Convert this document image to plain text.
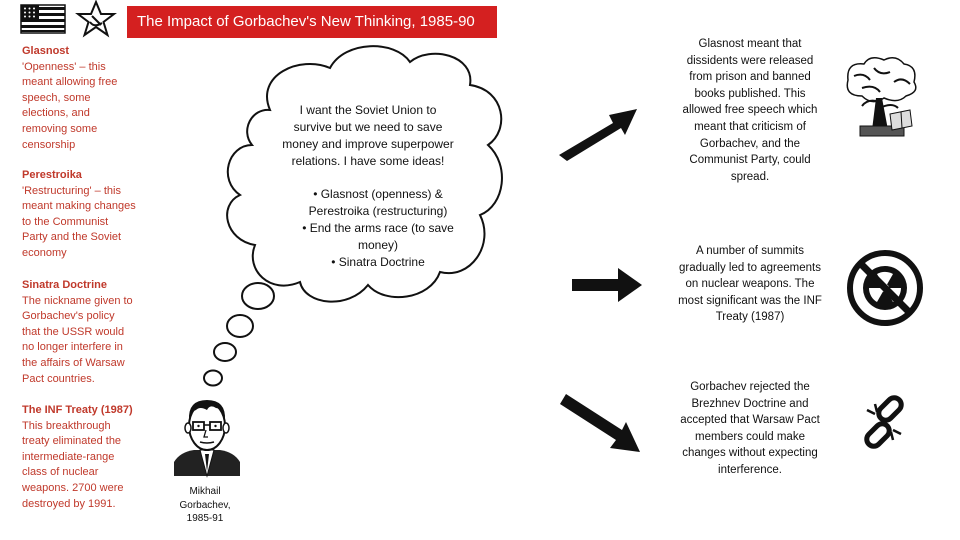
The Impact of Gorbachev's New Thinking, 1985-90
Glasnost
'Openness' – this
meant allowing free
speech, some
elections, and
removing some
censorship
Perestroika
'Restructuring' – this
meant making changes
to the Communist
Party and the Soviet
economy
Sinatra Doctrine
The nickname given to
Gorbachev's policy
that the USSR would
no longer interfere in
the affairs of Warsaw
Pact countries.
The INF Treaty (1987)
This breakthrough
treaty eliminated the
intermediate-range
class of nuclear
weapons. 2700 were
destroyed by 1991.
I want the Soviet Union to
survive but we need to save
money and improve superpower
relations. I have some ideas!
• Glasnost (openness) &
Perestroika (restructuring)
• End the arms race (to save
money)
• Sinatra Doctrine
Mikhail
Gorbachev,
1985-91
Glasnost meant that
dissidents were released
from prison and banned
books published. This
allowed free speech which
meant that criticism of
Gorbachev, and the
Communist Party, could
spread.
A number of summits
gradually led to agreements
on nuclear weapons. The
most significant was the INF
Treaty (1987)
Gorbachev rejected the
Brezhnev Doctrine and
accepted that Warsaw Pact
members could make
changes without expecting
interference.
